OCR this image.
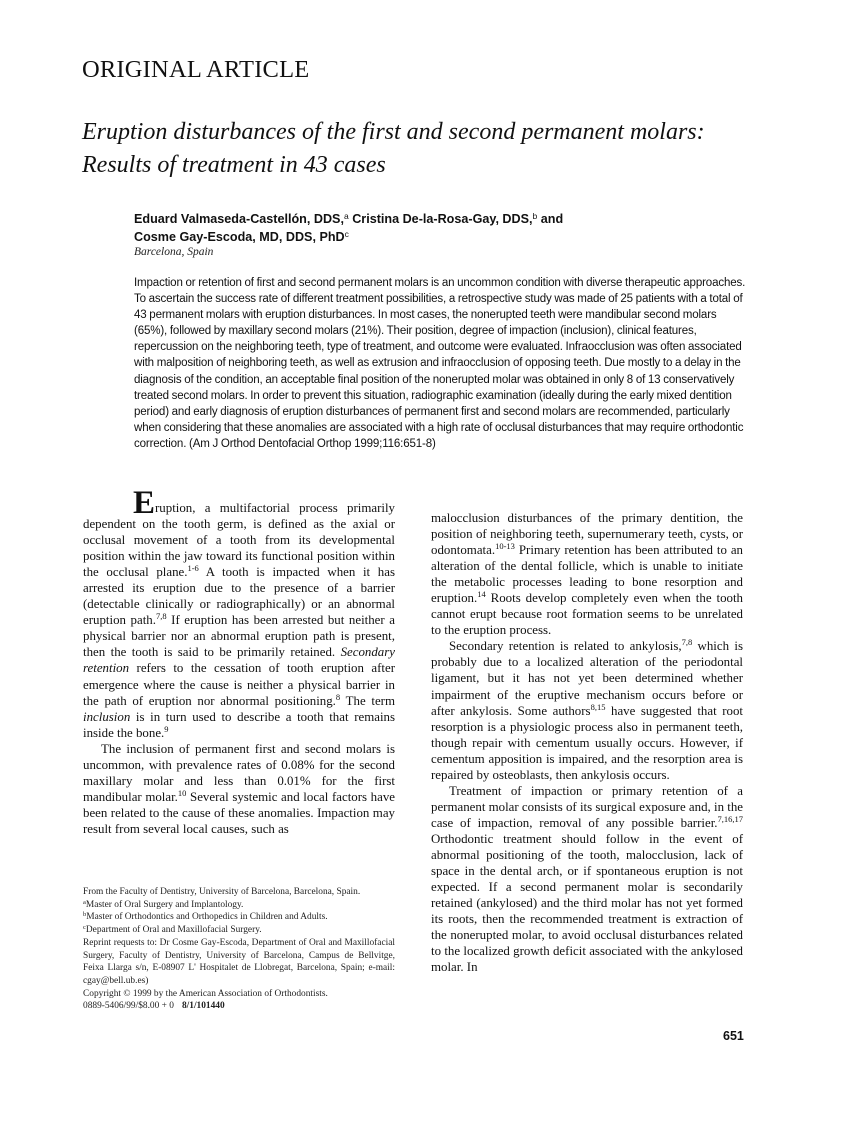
ORIGINAL ARTICLE
Eruption disturbances of the first and second permanent molars: Results of treatment in 43 cases
Eduard Valmaseda-Castellón, DDS,$^a$ Cristina De-la-Rosa-Gay, DDS,$^b$ and
Cosme Gay-Escoda, MD, DDS, PhD$^c$
Barcelona, Spain

Impaction or retention of first and second permanent molars is an uncommon condition with diverse therapeutic approaches. To ascertain the success rate of different treatment possibilities, a retrospective study was made of 25 patients with a total of 43 permanent molars with eruption disturbances. In most cases, the nonerupted teeth were mandibular second molars (65%), followed by maxillary second molars (21%). Their position, degree of impaction (inclusion), clinical features, repercussion on the neighboring teeth, type of treatment, and outcome were evaluated. Infraocclusion was often associated with malposition of neighboring teeth, as well as extrusion and infraocclusion of opposing teeth. Due mostly to a delay in the diagnosis of the condition, an acceptable final position of the nonerupted molar was obtained in only 8 of 13 conservatively treated second molars. In order to prevent this situation, radiographic examination (ideally during the early mixed dentition period) and early diagnosis of eruption disturbances of permanent first and second molars are recommended, particularly when considering that these anomalies are associated with a high rate of occlusal disturbances that may require orthodontic correction. (Am J Orthod Dentofacial Orthop 1999;116:651-8)

Eruption, a multifactorial process primarily dependent on the tooth germ, is defined as the axial or occlusal movement of a tooth from its developmental position within the jaw toward its functional position within the occlusal plane.$^{1-6}$ A tooth is impacted when it has arrested its eruption due to the presence of a barrier (detectable clinically or radiographically) or an abnormal eruption path.$^{7,8}$ If eruption has been arrested but neither a physical barrier nor an abnormal eruption path is present, then the tooth is said to be primarily retained. Secondary retention refers to the cessation of tooth eruption after emergence where the cause is neither a physical barrier in the path of eruption nor abnormal positioning.$^8$ The term inclusion is in turn used to describe a tooth that remains inside the bone.$^9$

The inclusion of permanent first and second molars is uncommon, with prevalence rates of 0.08% for the second maxillary molar and less than 0.01% for the first mandibular molar.$^{10}$ Several systemic and local factors have been related to the cause of these anomalies. Impaction may result from several local causes, such as

From the Faculty of Dentistry, University of Barcelona, Barcelona, Spain.
$^a$Master of Oral Surgery and Implantology.
$^b$Master of Orthodontics and Orthopedics in Children and Adults.
$^c$Department of Oral and Maxillofacial Surgery.
Reprint requests to: Dr Cosme Gay-Escoda, Department of Oral and Maxillofacial Surgery, Faculty of Dentistry, University of Barcelona, Campus de Bellvitge, Feixa Llarga s/n, E-08907 L' Hospitalet de Llobregat, Barcelona, Spain; e-mail: cgay@bell.ub.es)
Copyright © 1999 by the American Association of Orthodontists.
0889-5406/99/$8.00 + 0 8/1/101440

malocclusion disturbances of the primary dentition, the position of neighboring teeth, supernumerary teeth, cysts, or odontomata.$^{10-13}$ Primary retention has been attributed to an alteration of the dental follicle, which is unable to initiate the metabolic processes leading to bone resorption and eruption.$^{14}$ Roots develop completely even when the tooth cannot erupt because root formation seems to be unrelated to the eruption process.

Secondary retention is related to ankylosis,$^{7,8}$ which is probably due to a localized alteration of the periodontal ligament, but it has not yet been determined whether impairment of the eruptive mechanism occurs before or after ankylosis. Some authors$^{8,15}$ have suggested that root resorption is a physiologic process also in permanent teeth, though repair with cementum usually occurs. However, if cementum apposition is impaired, and the resorption area is repaired by osteoblasts, then ankylosis occurs.

Treatment of impaction or primary retention of a permanent molar consists of its surgical exposure and, in the case of impaction, removal of any possible barrier.$^{7,16,17}$ Orthodontic treatment should follow in the event of abnormal positioning of the tooth, malocclusion, lack of space in the dental arch, or if spontaneous eruption is not expected. If a second permanent molar is secondarily retained (ankylosed) and the third molar has not yet formed its roots, then the recommended treatment is extraction of the nonerupted molar, to avoid occlusal disturbances related to the localized growth deficit associated with the ankylosed molar. In

651
